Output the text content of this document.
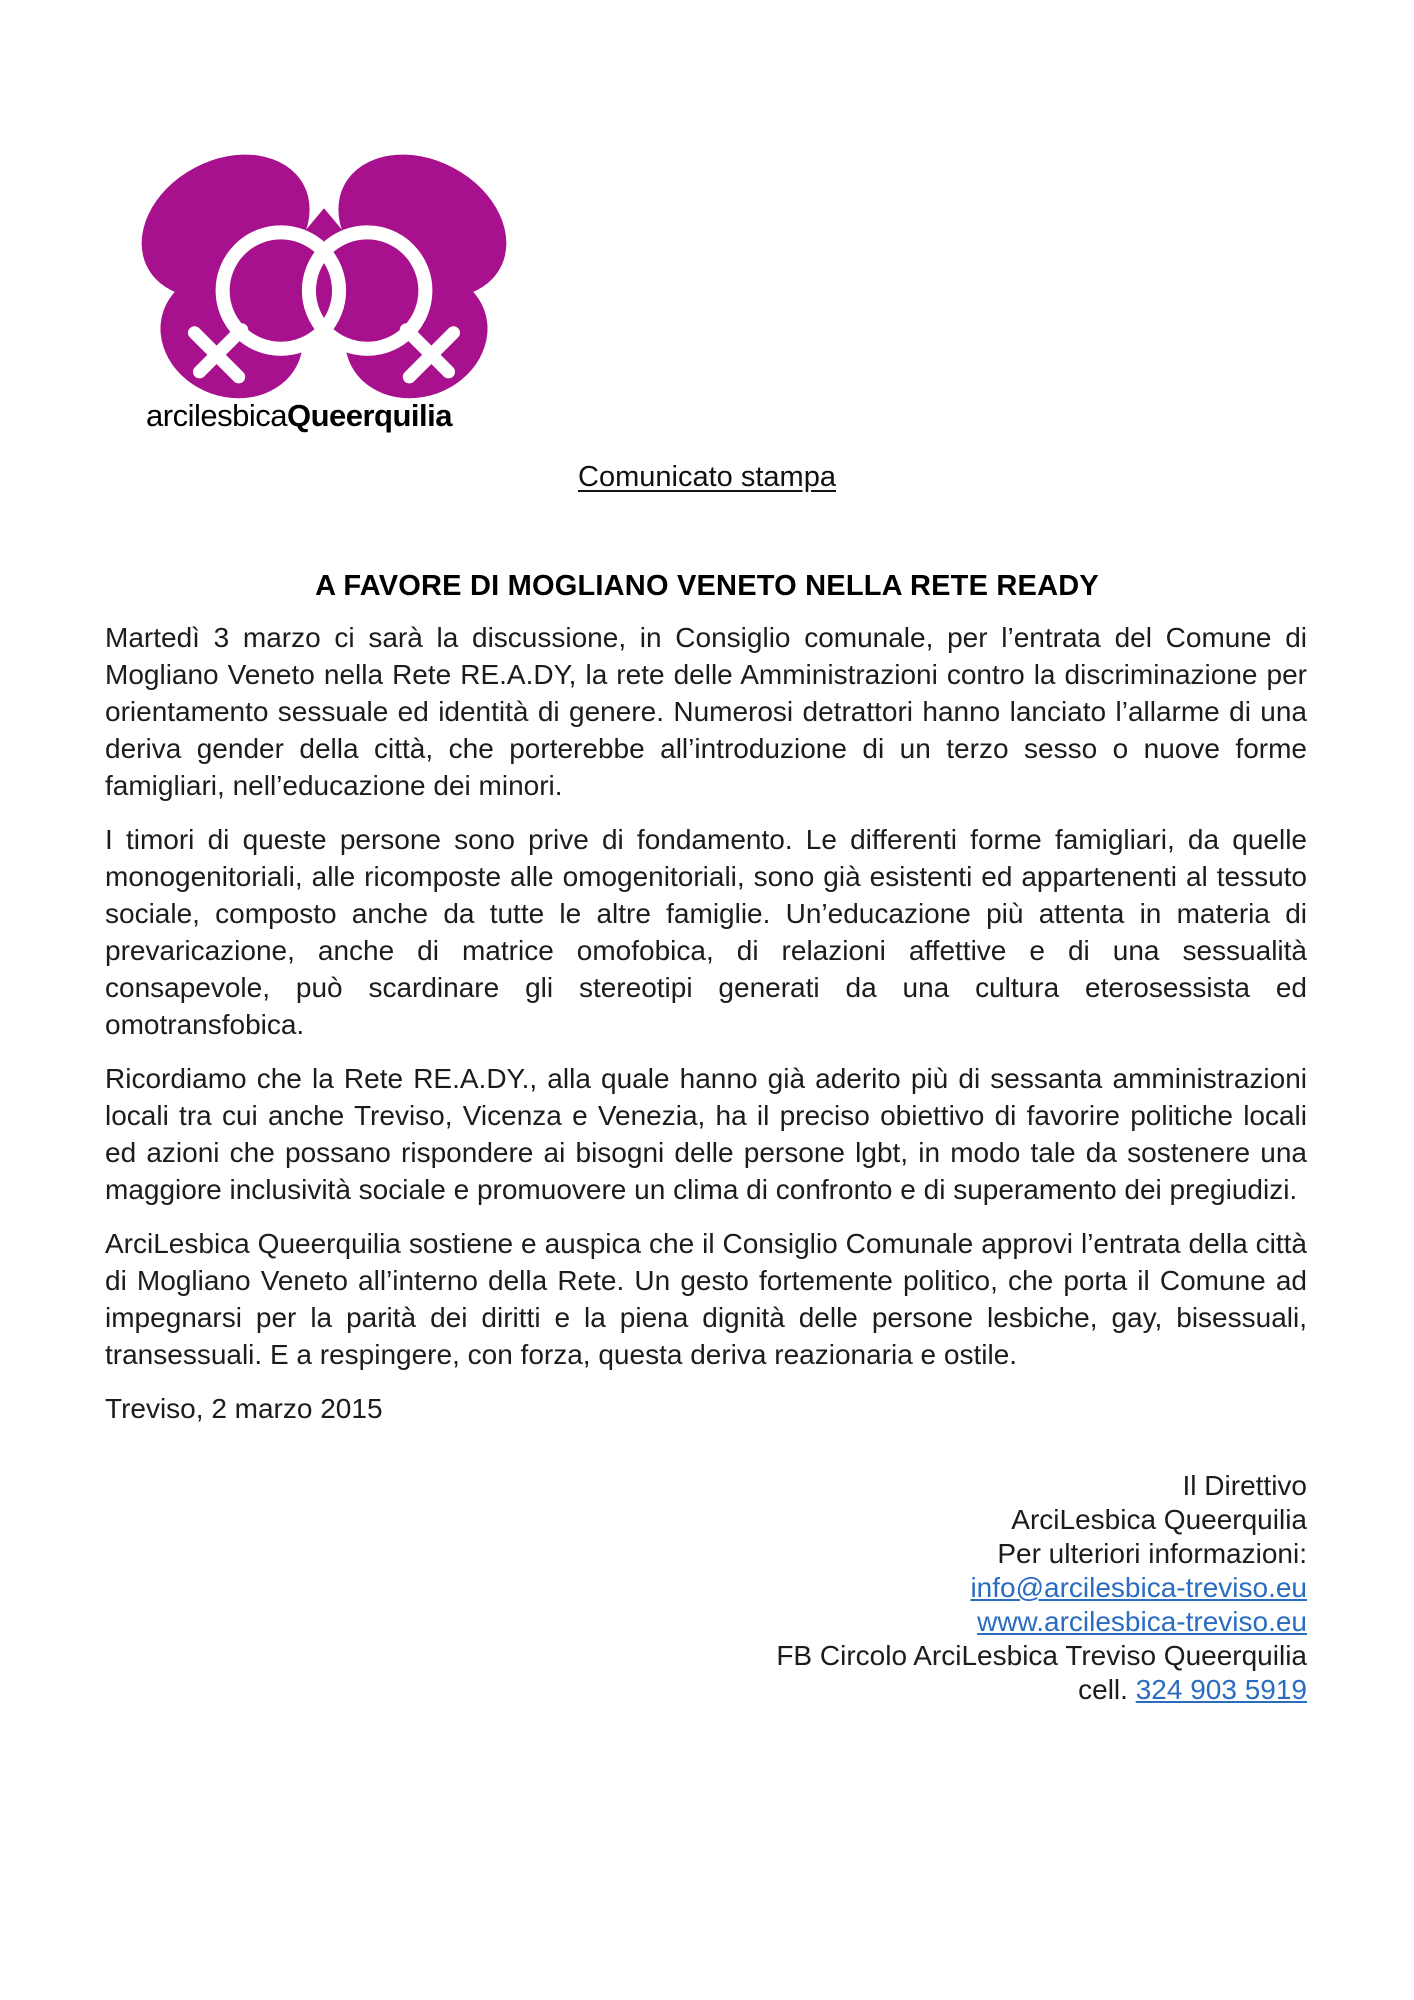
arcilesbicaQueerquilia
Comunicato stampa
A FAVORE DI MOGLIANO VENETO NELLA RETE READY

Martedì 3 marzo ci sarà la discussione, in Consiglio comunale, per l’entrata del Comune di Mogliano Veneto nella Rete RE.A.DY, la rete delle Amministrazioni contro la discriminazione per orientamento sessuale ed identità di genere. Numerosi detrattori hanno lanciato l’allarme di una deriva gender della città, che porterebbe all’introduzione di un terzo sesso o nuove forme famigliari, nell’educazione dei minori.

I timori di queste persone sono prive di fondamento. Le differenti forme famigliari, da quelle monogenitoriali, alle ricomposte alle omogenitoriali, sono già esistenti ed appartenenti al tessuto sociale, composto anche da tutte le altre famiglie. Un’educazione più attenta in materia di prevaricazione, anche di matrice omofobica, di relazioni affettive e di una sessualità consapevole, può scardinare gli stereotipi generati da una cultura eterosessista ed omotransfobica.

Ricordiamo che la Rete RE.A.DY., alla quale hanno già aderito più di sessanta amministrazioni locali tra cui anche Treviso, Vicenza e Venezia, ha il preciso obiettivo di favorire politiche locali ed azioni che possano rispondere ai bisogni delle persone lgbt, in modo tale da sostenere una maggiore inclusività sociale e promuovere un clima di confronto e di superamento dei pregiudizi.

ArciLesbica Queerquilia sostiene e auspica che il Consiglio Comunale approvi l’entrata della città di Mogliano Veneto all’interno della Rete. Un gesto fortemente politico, che porta il Comune ad impegnarsi per la parità dei diritti e la piena dignità delle persone lesbiche, gay, bisessuali, transessuali. E a respingere, con forza, questa deriva reazionaria e ostile.

Treviso, 2 marzo 2015

Il Direttivo
ArciLesbica Queerquilia
Per ulteriori informazioni:
info@arcilesbica-treviso.eu
www.arcilesbica-treviso.eu
FB Circolo ArciLesbica Treviso Queerquilia
cell. 324 903 5919
